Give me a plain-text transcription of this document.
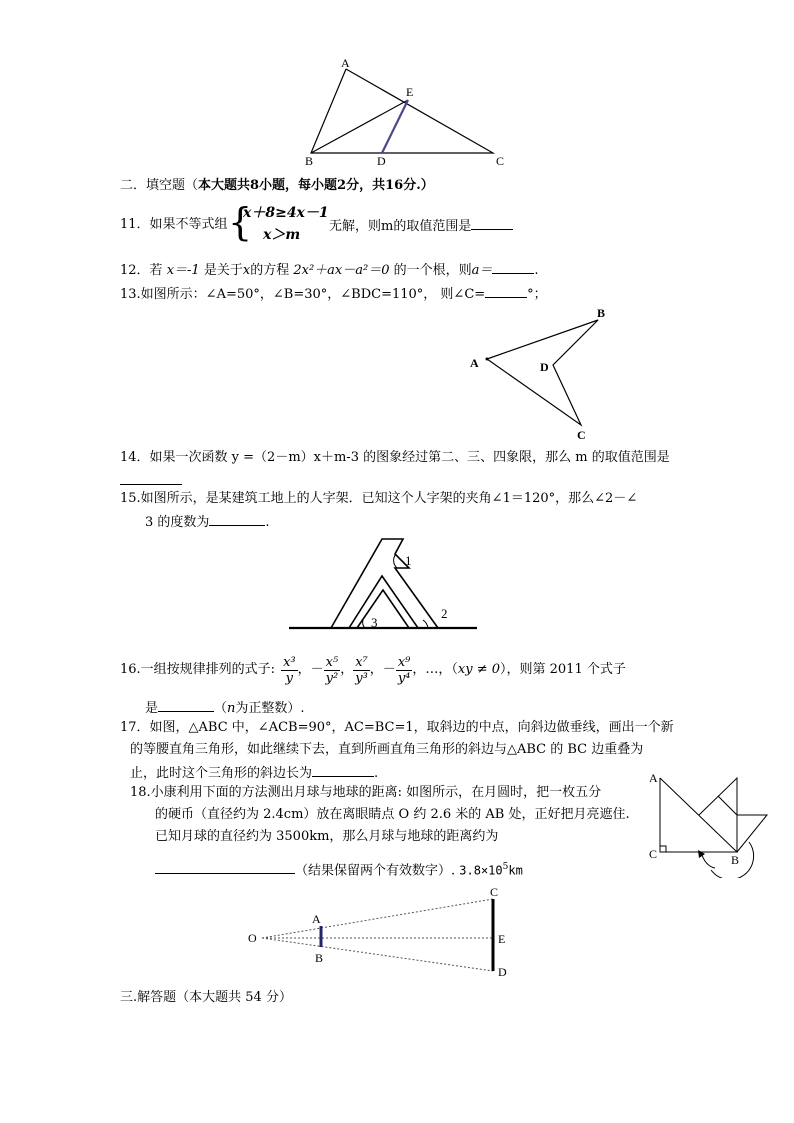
A
E
B	D	C
二．填空题（本大题共8小题，每小题2分，共16分.）
11．如果不等式组 {
x＋8≥4x－1
x＞m
无解，则m的取值范围是
12．若 x＝-1 是关于x的方程 2x²＋ax－a²＝0 的一个根，则a＝	.
13.如图所示：∠A=50°，∠B=30°，∠BDC=110°， 则∠C=	°；
A
B
D
C
14．如果一次函数 y =（2－m）x＋m-3 的图象经过第二、三、四象限，那么 m 的取值范围是
15.如图所示，是某建筑工地上的人字架．已知这个人字架的夹角∠1＝120°，那么∠2－∠
3 的度数为	.
1
2
3
16.一组按规律排列的式子: $\frac{\text{x³}}{y}$ ， － $\frac{\text{x⁵}}{\text{y²}}$ ， $\frac{\text{x⁷}}{\text{y³}}$ ， － $\frac{\text{x⁹}}{\text{y⁴}}$ ，…，（ xy ≠ 0 ），则第 2011 个式子
是	（n为正整数）.
17．如图，△ABC 中，∠ACB=90°，AC=BC=1，取斜边的中点，向斜边做垂线，画出一个新
的等腰直角三角形，如此继续下去，直到所画直角三角形的斜边与△ABC 的 BC 边重叠为
止，此时这个三角形的斜边长为	.	A
C	B
18.小康利用下面的方法测出月球与地球的距离: 如图所示，在月圆时，把一枚五分
的硬币（直径约为 2.4cm）放在离眼睛点 O 约 2.6 米的 AB 处，正好把月亮遮住.
已知月球的直径约为 3500km，那么月球与地球的距离约为
（结果保留两个有效数字）. $3.8\times 10^5km$
O
A
B
C
E
D
三.解答题（本大题共 54 分）
